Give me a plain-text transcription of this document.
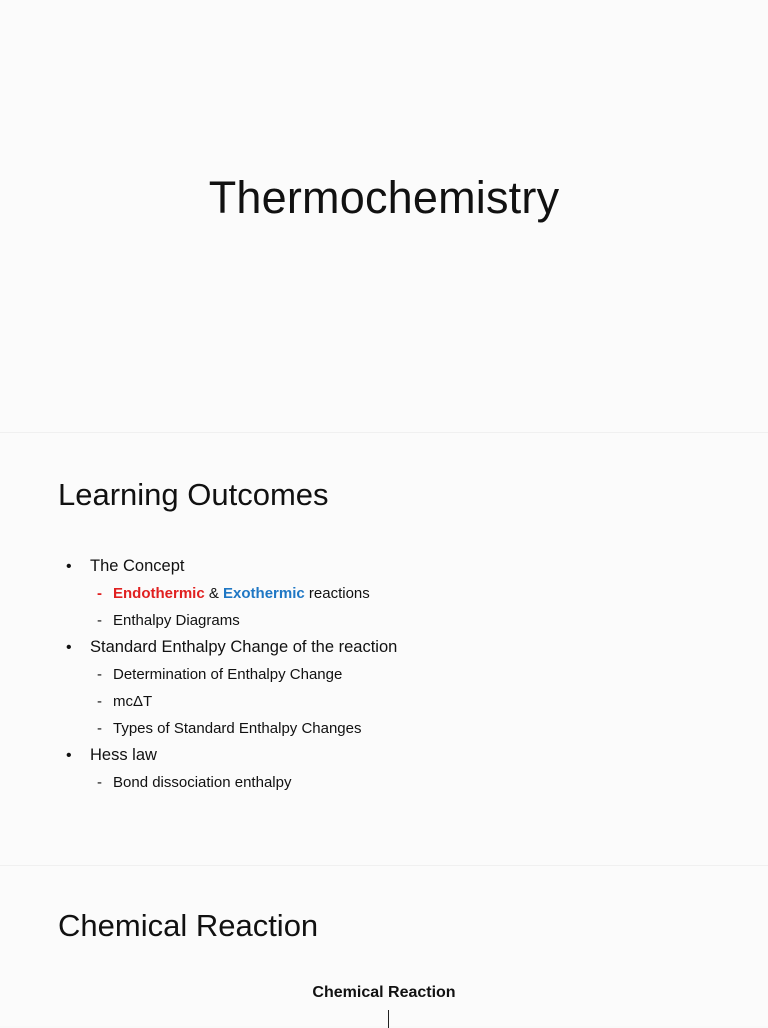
Thermochemistry
Learning Outcomes
• The Concept
- Endothermic & Exothermic reactions
- Enthalpy Diagrams
• Standard Enthalpy Change of the reaction
- Determination of Enthalpy Change
- mcΔT
- Types of Standard Enthalpy Changes
• Hess law
- Bond dissociation enthalpy
Chemical Reaction

Chemical Reaction
